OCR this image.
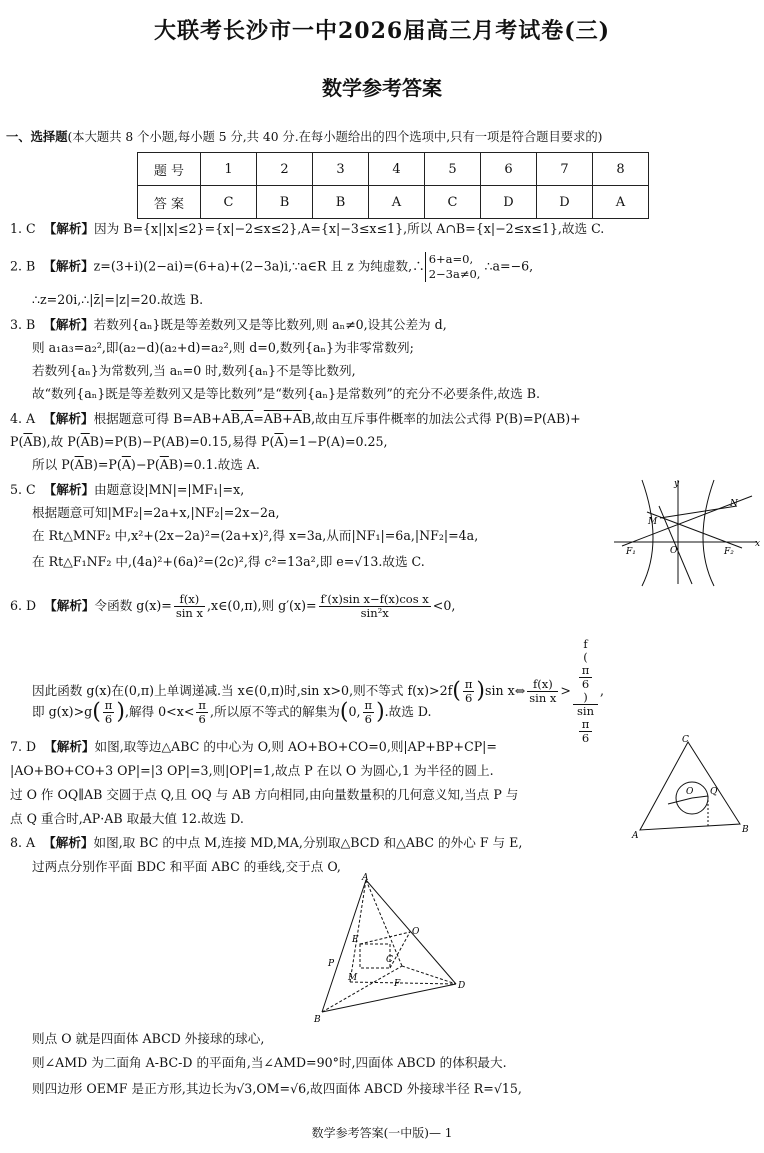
大联考长沙市一中2026届高三月考试卷(三)
数学参考答案
一、选择题(本大题共 8 个小题,每小题 5 分,共 40 分.在每小题给出的四个选项中,只有一项是符合题目要求的)
题 号	1	2	3	4	5	6	7	8
答 案	C	B	B	A	C	D	D	A
1. C 【解析】因为 B={x||x|≤2}={x|−2≤x≤2},A={x|−3≤x≤1},所以 A∩B={x|−2≤x≤1},故选 C.
2. B 【解析】z=(3+i)(2−ai)=(6+a)+(2−3a)i,∵a∈R 且 z 为纯虚数,∴ 6+a=0,
2−3a≠0, ∴a=−6,
∴z=20i,∴|z̄|=|z|=20.故选 B.
3. B 【解析】若数列{aₙ}既是等差数列又是等比数列,则 aₙ≠0,设其公差为 d,
则 a₁a₃=a₂²,即(a₂−d)(a₂+d)=a₂²,则 d=0,数列{aₙ}为非零常数列;
若数列{aₙ}为常数列,当 aₙ=0 时,数列{aₙ}不是等比数列,
故“数列{aₙ}既是等差数列又是等比数列”是“数列{aₙ}是常数列”的充分不必要条件,故选 B.
4. A 【解析】根据题意可得 $B=AB+AB,\overline{A}=AB+\overline{A}B$,故由互斥事件概率的加法公式得 P(B)=P(AB)+
$P(\overline{A}B)$,故 $P(\overline{A}B)=P(B)-P(AB)=0.15$,易得 $P(\overline{A})=1-P(A)=0.25$,
所以 $P(\overline{A}B)=P(\overline{A})-P(\overline{A}B)=0.1$.故选 A.
5. C 【解析】由题意设|MN|=|MF₁|=x,
根据题意可知|MF₂|=2a+x,|NF₂|=2x−2a,
在 Rt△MNF₂ 中,x²+(2x−2a)²=(2a+x)²,得 x=3a,从而|NF₁|=6a,|NF₂|=4a,
在 Rt△F₁NF₂ 中,(4a)²+(6a)²=(2c)²,得 c²=13a²,即 e=√13.故选 C.
y
x
O
M
N
F₁	F₂
6. D 【解析】令函数 $g(x)= \frac{f(x)}{\text{sin x}}$ ,x∈(0,π),则 $g'(x)= \frac{\text{f′(x)sin x−f(x)cos x}}{\text{sin²x}} <0$,
因此函数 g(x)在(0,π)上单调递减.当 x∈(0,π)时,sin x>0,则不等式 $f(x)>2f( \frac{\pi}{6} )\sin$ x⇔ $\frac{f(x)}{\text{sin x}} > f$
(
π
6
)
sin
π
6 ,
即 $g(x)>g( \frac{\pi}{6}$ ),解得 $0<x< \frac{\pi}{6}$ ,所以原不等式的解集为(0, $\frac{\pi}{6}$ ).故选 D.
7. D 【解析】如图,取等边△ABC 的中心为 O,则 AO+BO+CO=0,则|AP+BP+CP|=
|AO+BO+CO+3 OP|=|3 OP|=3,则|OP|=1,故点 P 在以 O 为圆心,1 为半径的圆上.
过 O 作 OQ∥AB 交圆于点 Q,且 OQ 与 AB 方向相同,由向量数量积的几何意义知,当点 P 与
点 Q 重合时,AP·AB 取最大值 12.故选 D.
C
A
B
O Q
8. A 【解析】如图,取 BC 的中点 M,连接 MD,MA,分别取△BCD 和△ABC 的外心 F 与 E,
过两点分别作平面 BDC 和平面 ABC 的垂线,交于点 O,
A
B
D
C
E
F
M
O
P
则点 O 就是四面体 ABCD 外接球的球心,
则∠AMD 为二面角 A-BC-D 的平面角,当∠AMD=90°时,四面体 ABCD 的体积最大.
则四边形 OEMF 是正方形,其边长为√3,OM=√6,故四面体 ABCD 外接球半径 R=√15,
数学参考答案(一中版)— 1
